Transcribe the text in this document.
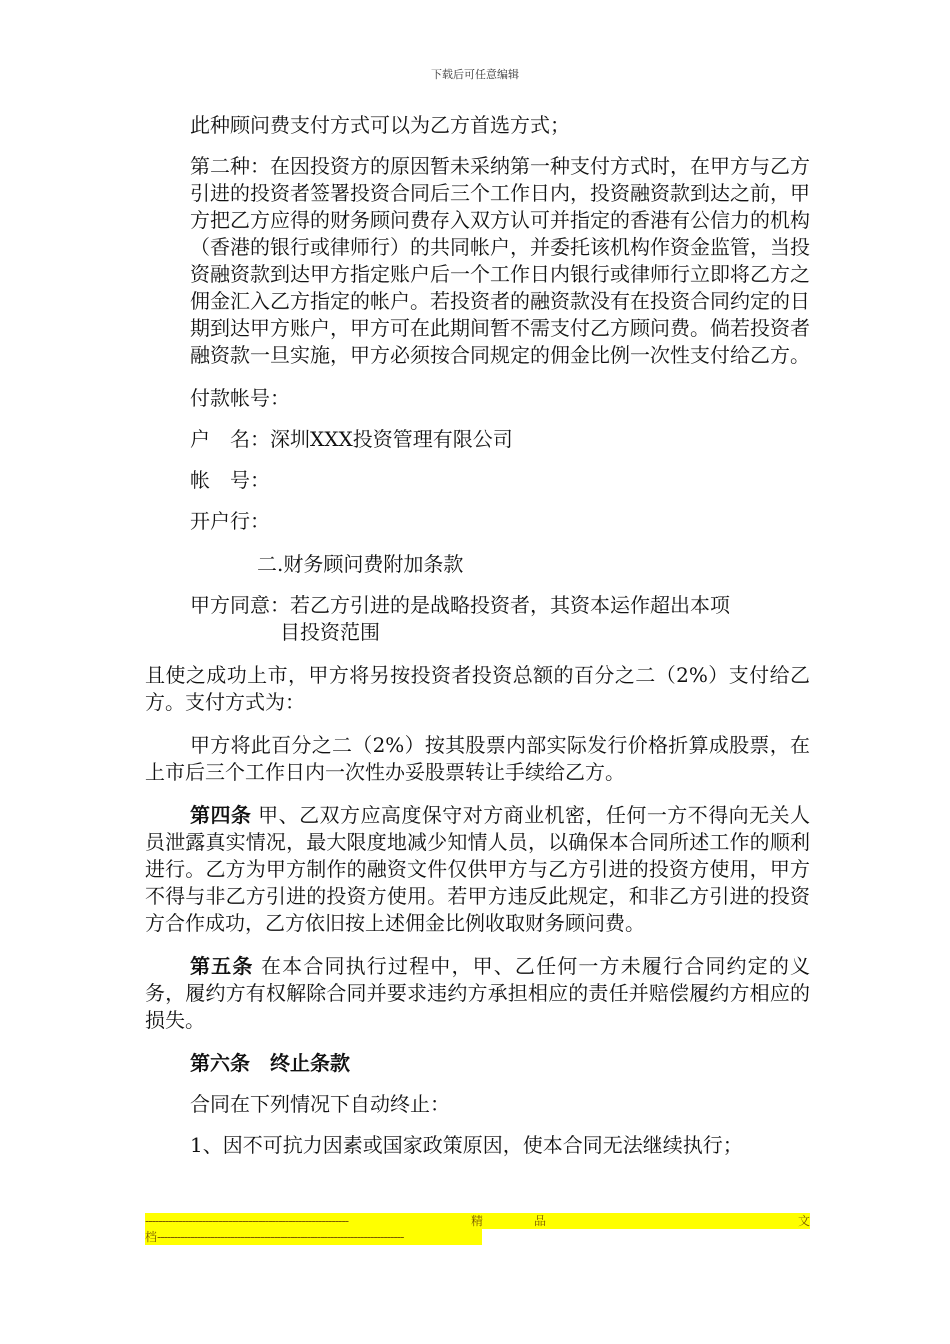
下载后可任意编辑

此种顾问费支付方式可以为乙方首选方式；

第二种：在因投资方的原因暂未采纳第一种支付方式时，在甲方与乙方引进的投资者签署投资合同后三个工作日内，投资融资款到达之前，甲方把乙方应得的财务顾问费存入双方认可并指定的香港有公信力的机构（香港的银行或律师行）的共同帐户，并委托该机构作资金监管，当投资融资款到达甲方指定账户后一个工作日内银行或律师行立即将乙方之佣金汇入乙方指定的帐户。若投资者的融资款没有在投资合同约定的日期到达甲方账户，甲方可在此期间暂不需支付乙方顾问费。倘若投资者融资款一旦实施，甲方必须按合同规定的佣金比例一次性支付给乙方。

付款帐号：

户　名：深圳XXX投资管理有限公司

帐　号：

开户行：

二.财务顾问费附加条款

甲方同意：若乙方引进的是战略投资者，其资本运作超出本项

目投资范围

且使之成功上市，甲方将另按投资者投资总额的百分之二（2%）支付给乙方。支付方式为：

甲方将此百分之二（2%）按其股票内部实际发行价格折算成股票，在上市后三个工作日内一次性办妥股票转让手续给乙方。

第四条 甲、乙双方应高度保守对方商业机密，任何一方不得向无关人员泄露真实情况，最大限度地减少知情人员，以确保本合同所述工作的顺利进行。乙方为甲方制作的融资文件仅供甲方与乙方引进的投资方使用，甲方不得与非乙方引进的投资方使用。若甲方违反此规定，和非乙方引进的投资方合作成功，乙方依旧按上述佣金比例收取财务顾问费。

第五条 在本合同执行过程中，甲、乙任何一方未履行合同约定的义务，履约方有权解除合同并要求违约方承担相应的责任并赔偿履约方相应的损失。

第六条　终止条款

合同在下列情况下自动终止：

1、因不可抗力因素或国家政策原因，使本合同无法继续执行；

-------------------------------------------------------------	精	品	文
档--------------------------------------------------------------------------
